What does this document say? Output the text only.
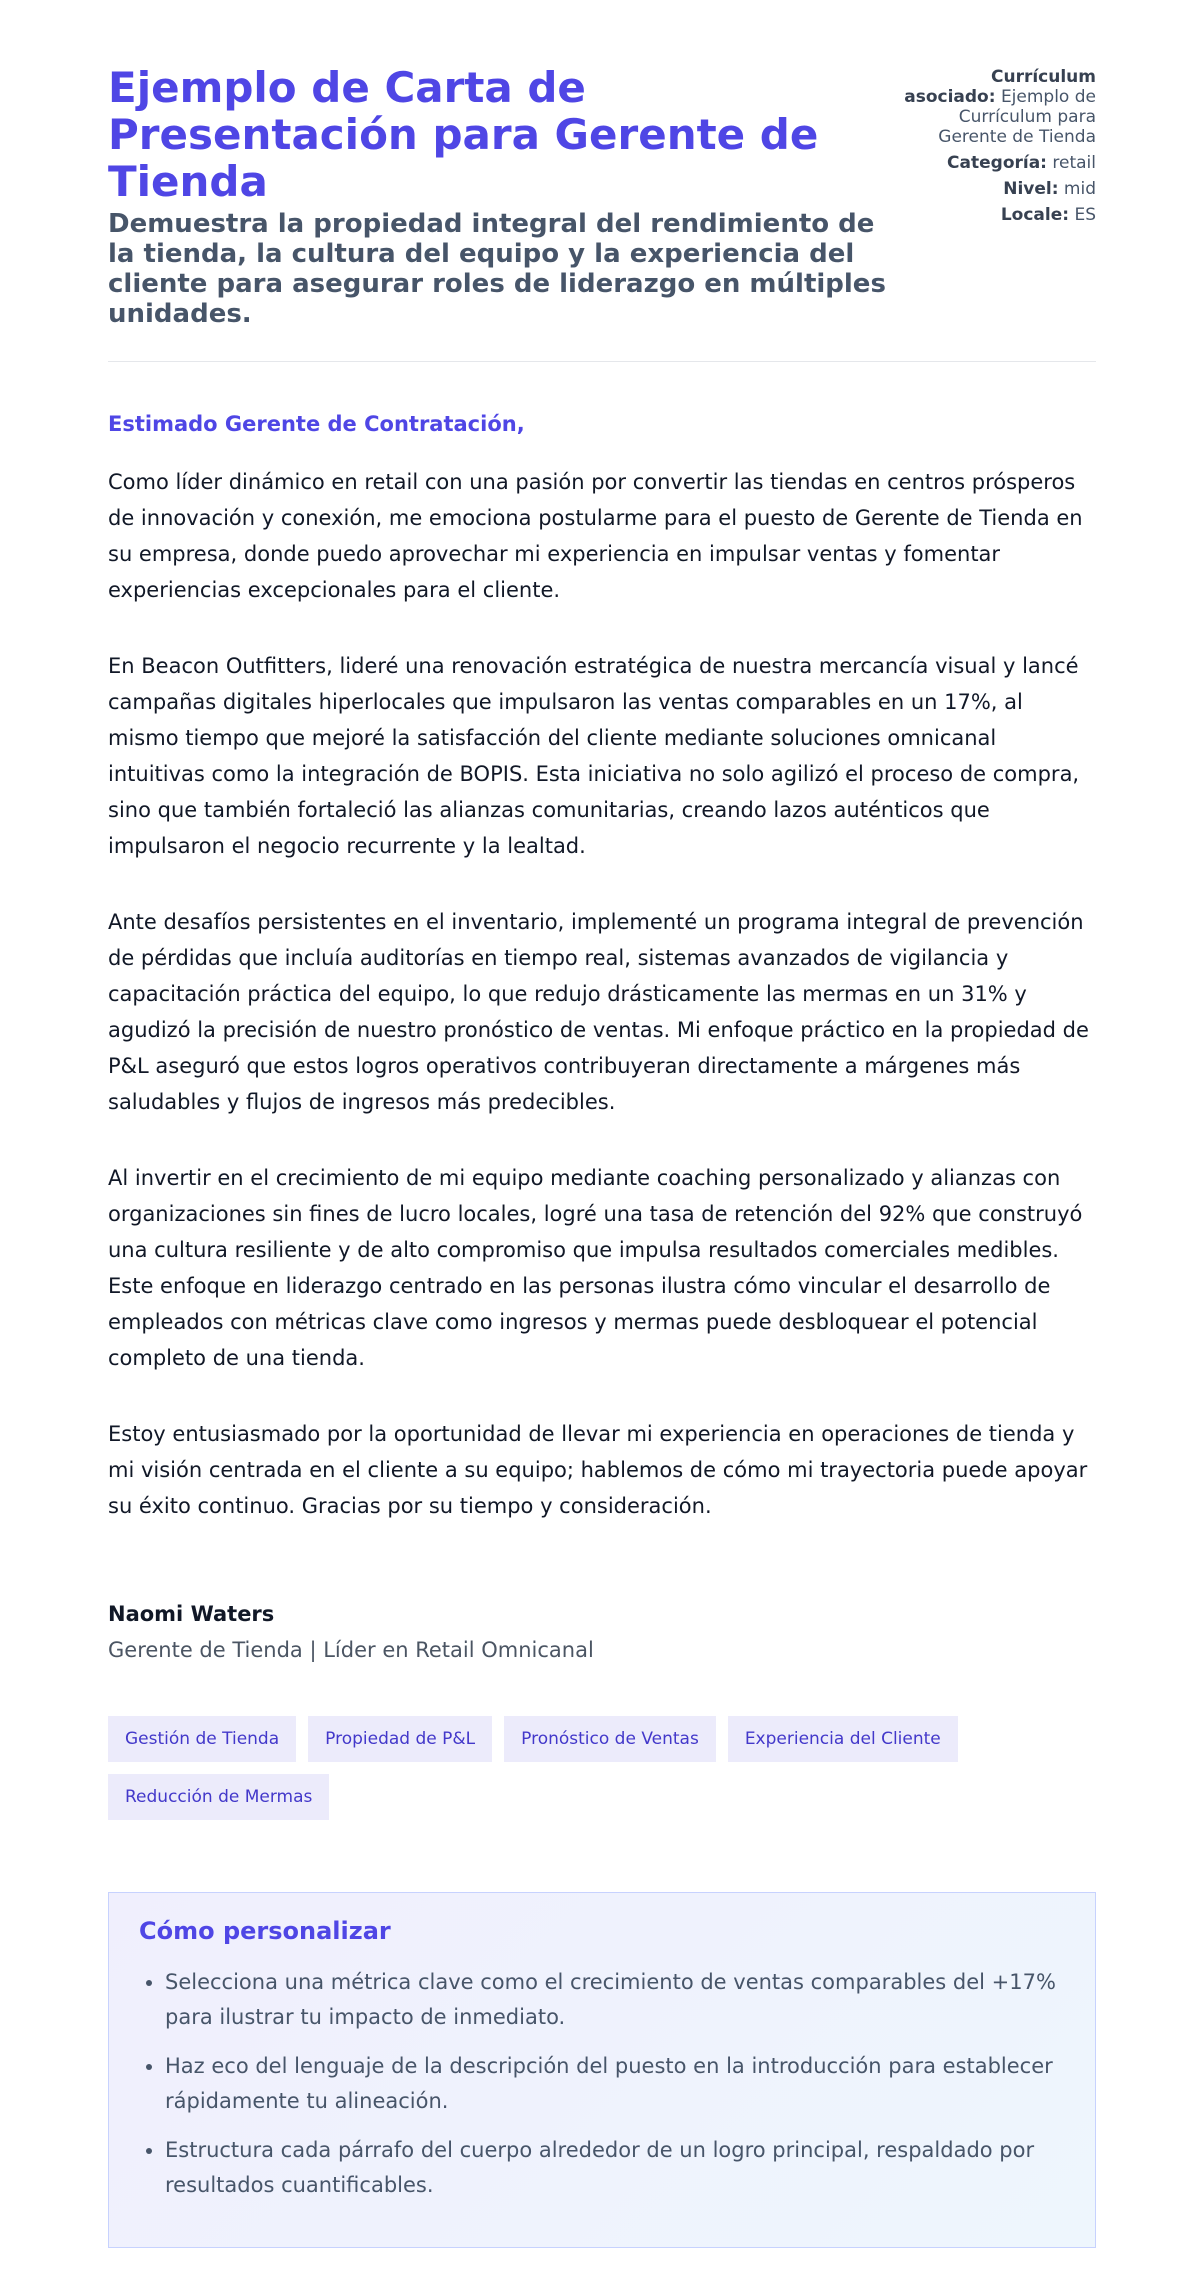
Ejemplo de Carta de Presentación para Gerente de Tienda

Demuestra la propiedad integral del rendimiento de la tienda, la cultura del equipo y la experiencia del cliente para asegurar roles de liderazgo en múltiples unidades.

Currículum asociado: Ejemplo de Currículum para Gerente de Tienda
Categoría: retail
Nivel: mid
Locale: ES
Estimado Gerente de Contratación,

Como líder dinámico en retail con una pasión por convertir las tiendas en centros prósperos de innovación y conexión, me emociona postularme para el puesto de Gerente de Tienda en su empresa, donde puedo aprovechar mi experiencia en impulsar ventas y fomentar experiencias excepcionales para el cliente.

En Beacon Outfitters, lideré una renovación estratégica de nuestra mercancía visual y lancé campañas digitales hiperlocales que impulsaron las ventas comparables en un 17%, al mismo tiempo que mejoré la satisfacción del cliente mediante soluciones omnicanal intuitivas como la integración de BOPIS. Esta iniciativa no solo agilizó el proceso de compra, sino que también fortaleció las alianzas comunitarias, creando lazos auténticos que impulsaron el negocio recurrente y la lealtad.

Ante desafíos persistentes en el inventario, implementé un programa integral de prevención de pérdidas que incluía auditorías en tiempo real, sistemas avanzados de vigilancia y capacitación práctica del equipo, lo que redujo drásticamente las mermas en un 31% y agudizó la precisión de nuestro pronóstico de ventas. Mi enfoque práctico en la propiedad de P&L aseguró que estos logros operativos contribuyeran directamente a márgenes más saludables y flujos de ingresos más predecibles.

Al invertir en el crecimiento de mi equipo mediante coaching personalizado y alianzas con organizaciones sin fines de lucro locales, logré una tasa de retención del 92% que construyó una cultura resiliente y de alto compromiso que impulsa resultados comerciales medibles. Este enfoque en liderazgo centrado en las personas ilustra cómo vincular el desarrollo de empleados con métricas clave como ingresos y mermas puede desbloquear el potencial completo de una tienda.

Estoy entusiasmado por la oportunidad de llevar mi experiencia en operaciones de tienda y mi visión centrada en el cliente a su equipo; hablemos de cómo mi trayectoria puede apoyar su éxito continuo. Gracias por su tiempo y consideración.

Naomi Waters
Gerente de Tienda | Líder en Retail Omnicanal
Gestión de Tienda	Propiedad de P&L	Pronóstico de Ventas	Experiencia del Cliente
Reducción de Mermas
Cómo personalizar
• Selecciona una métrica clave como el crecimiento de ventas comparables del +17% para ilustrar tu impacto de inmediato.
• Haz eco del lenguaje de la descripción del puesto en la introducción para establecer rápidamente tu alineación.
• Estructura cada párrafo del cuerpo alrededor de un logro principal, respaldado por resultados cuantificables.
